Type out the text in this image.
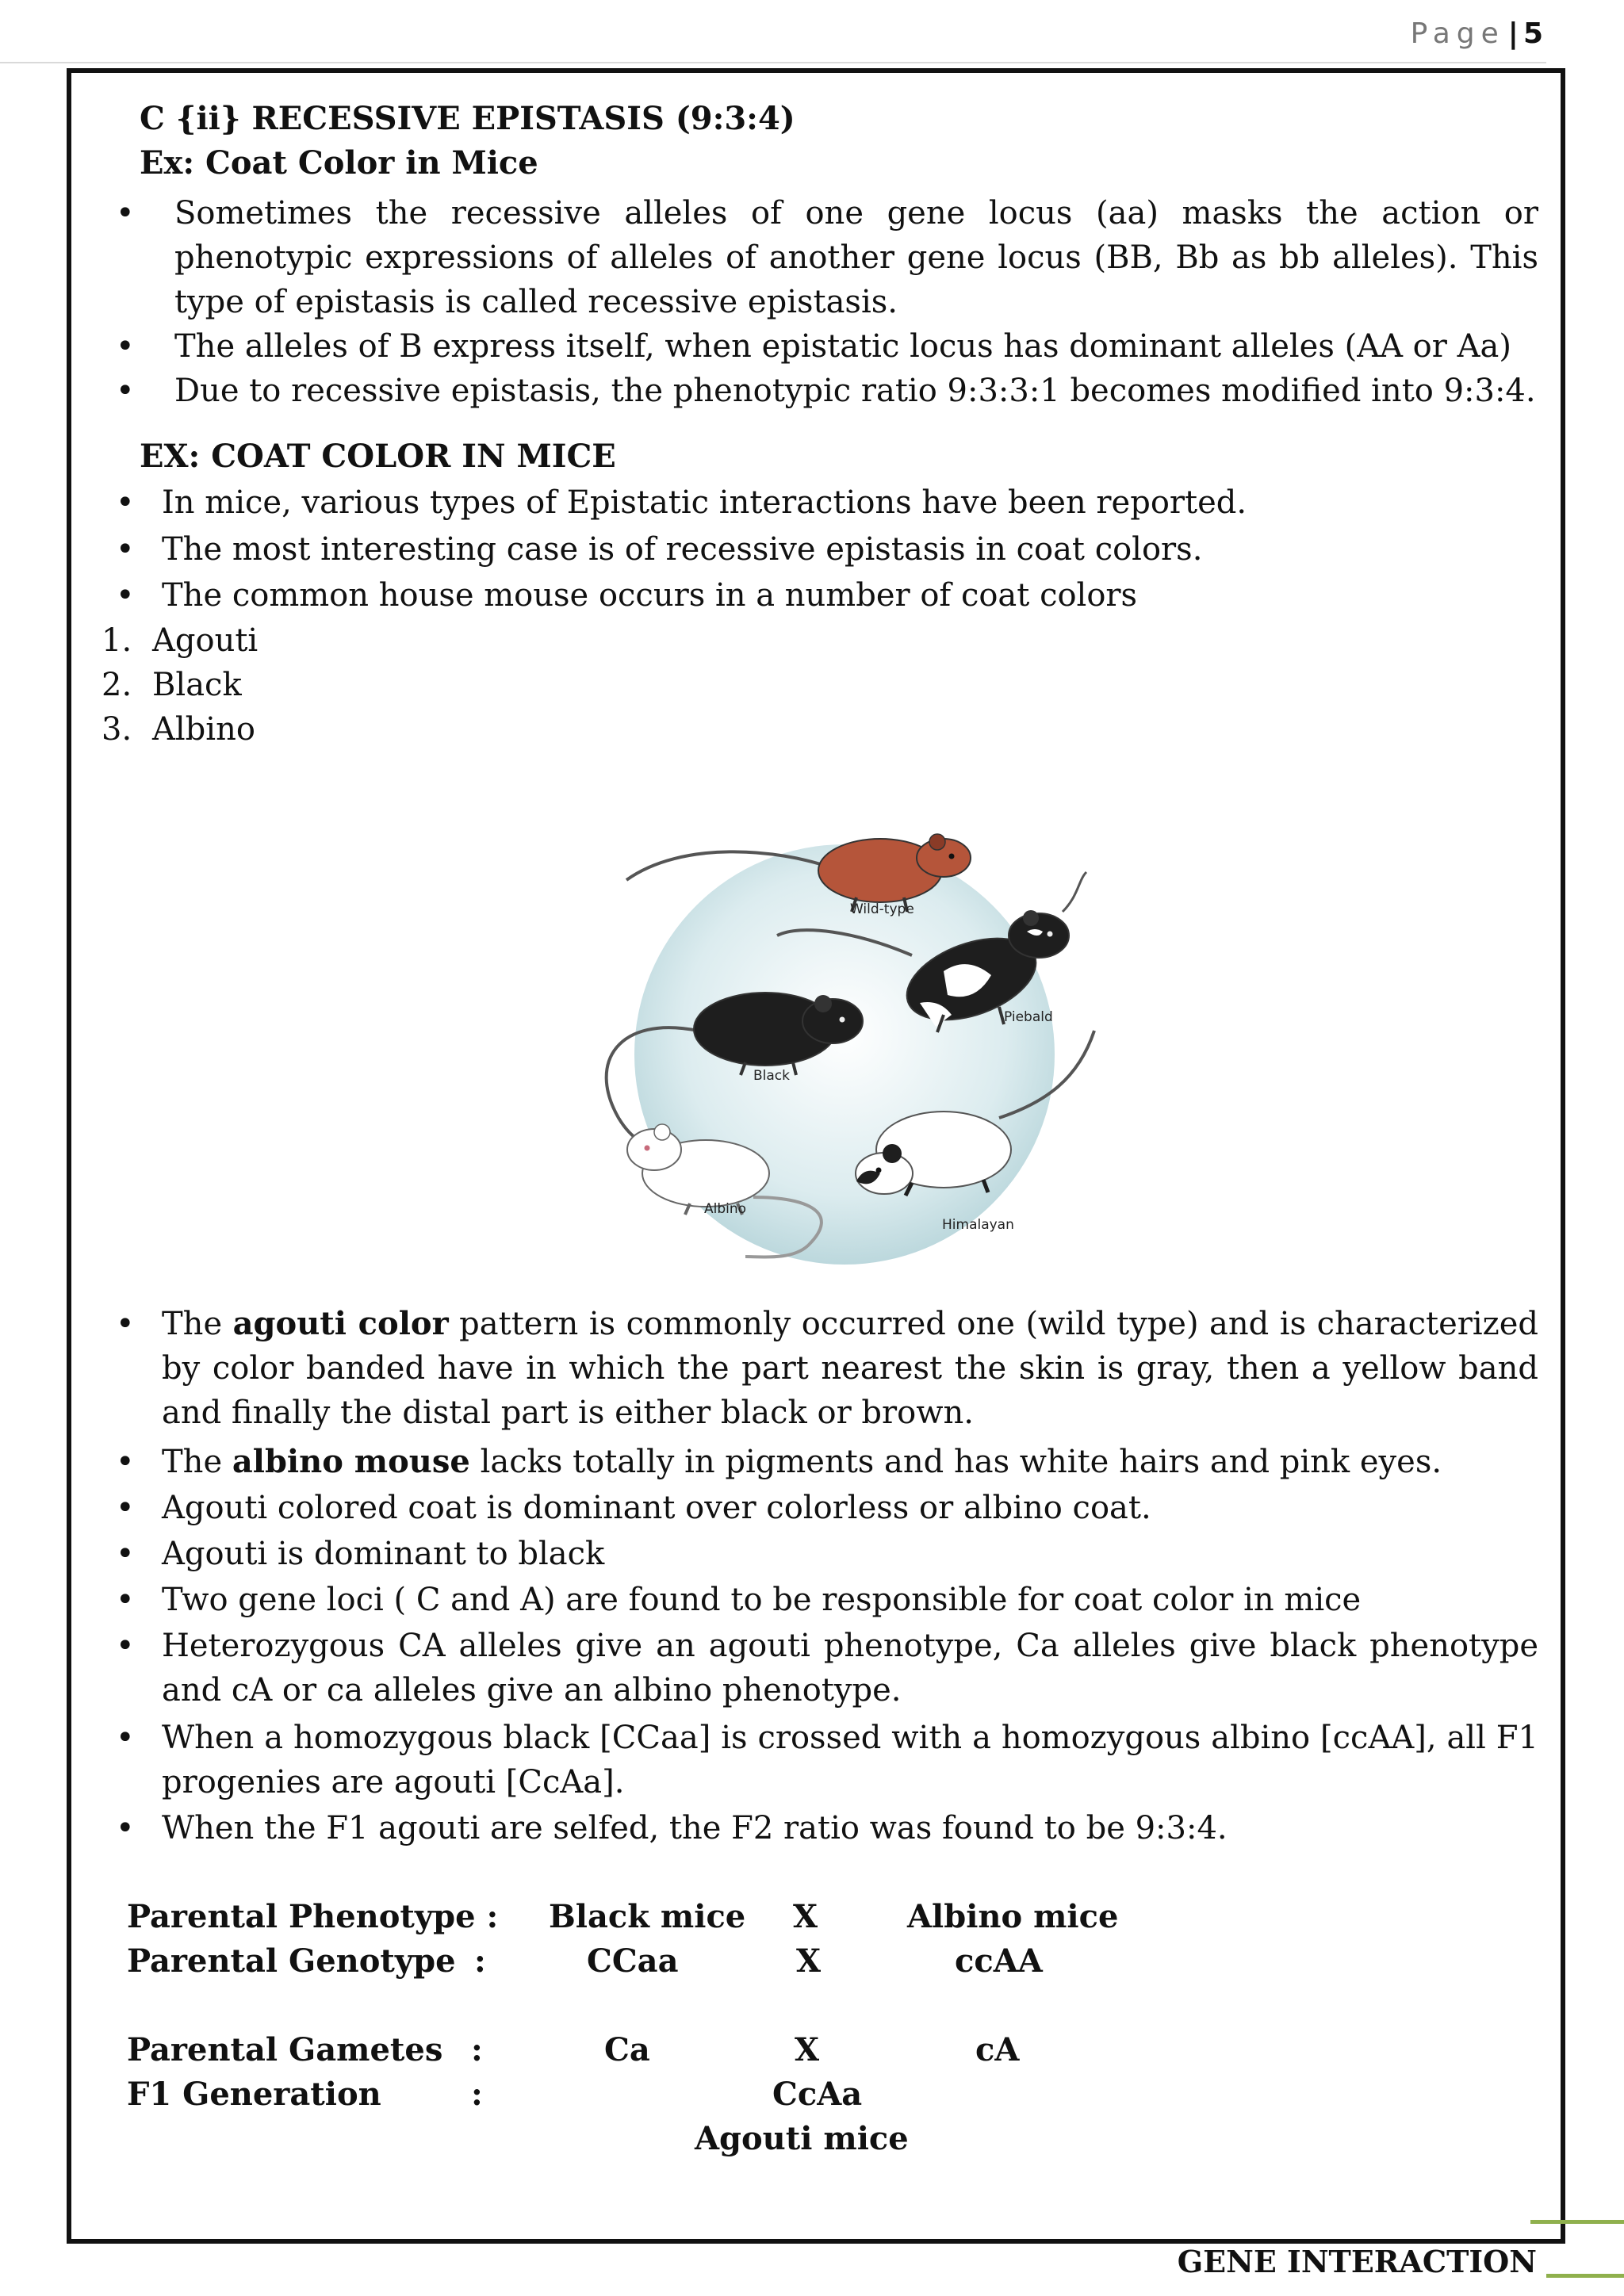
Page | 5
C {ii} RECESSIVE EPISTASIS (9:3:4)
Ex: Coat Color in Mice
• Sometimes the recessive alleles of one gene locus (aa) masks the action or phenotypic expressions of alleles of another gene locus (BB, Bb as bb alleles). This type of epistasis is called recessive epistasis.
• The alleles of B express itself, when epistatic locus has dominant alleles (AA or Aa)
• Due to recessive epistasis, the phenotypic ratio 9:3:3:1 becomes modified into 9:3:4.
EX: COAT COLOR IN MICE
• In mice, various types of Epistatic interactions have been reported.
• The most interesting case is of recessive epistasis in coat colors.
• The common house mouse occurs in a number of coat colors
1. Agouti
2. Black
3. Albino
Wild-type
Piebald
Black
Albino
Himalayan
• The agouti color pattern is commonly occurred one (wild type) and is characterized by color banded have in which the part nearest the skin is gray, then a yellow band and finally the distal part is either black or brown.
• The albino mouse lacks totally in pigments and has white hairs and pink eyes.
• Agouti colored coat is dominant over colorless or albino coat.
• Agouti is dominant to black
• Two gene loci ( C and A) are found to be responsible for coat color in mice
• Heterozygous CA alleles give an agouti phenotype, Ca alleles give black phenotype and cA or ca alleles give an albino phenotype.
• When a homozygous black [CCaa] is crossed with a homozygous albino [ccAA], all F1 progenies are agouti [CcAa].
• When the F1 agouti are selfed, the F2 ratio was found to be 9:3:4.
Parental Phenotype : Black mice X	Albino mice
Parental Genotype :	CCaa	X	ccAA
Parental Gametes :	Ca	X	cA
F1 Generation	:	CcAa
Agouti mice
GENE INTERACTION
